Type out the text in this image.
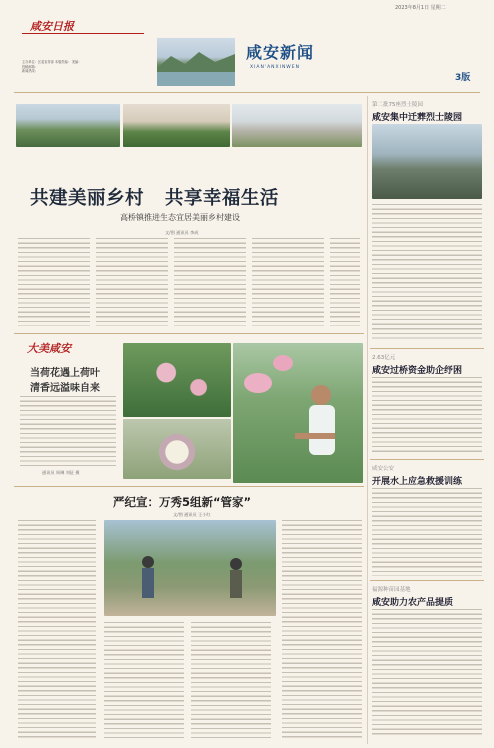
2023年8月1日 星期二
咸安日报
主办单位：区委宣传部 本版责编： 美编：
投稿邮箱：
新闻热线：
咸安新闻
XIAN'ANXINWEN
3版
共建美丽乡村   共享幸福生活
高桥镇推进生态宜居美丽乡村建设
文/图 通讯员 李成
大美咸安
当荷花遇上荷叶
清香远溢味自来
通讯员 周琳 刘征 摄
严纪宣：万秀5组新“管家”
文/图 通讯员 王小红
第二批75座烈士陵园
咸安集中迁葬烈士陵园
2.63亿元
咸安过桥资金助企纾困
咸安公安
开展水上应急救援训练
福源种苗园基地
咸安助力农产品提质
